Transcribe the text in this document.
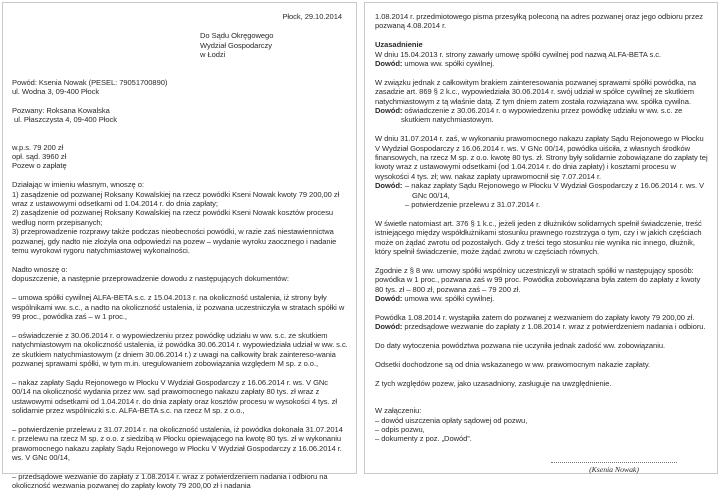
Płock, 29.10.2014
Do Sądu Okręgowego
Wydział Gospodarczy
w Łodzi
Powód: Ksenia Nowak (PESEL: 79051700890)
ul. Wodna 3, 09-400 Płock
Pozwany: Roksana Kowalska
ul. Płaszczysta 4, 09-400 Płock
w.p.s. 79 200 zł
opł. sąd. 3960 zł
Pozew o zapłatę
Działając w imieniu własnym, wnoszę o:
1) zasądzenie od pozwanej Roksany Kowalskiej na rzecz powódki Kseni Nowak kwoty 79 200,00 zł wraz z ustawowymi odsetkami od 1.04.2014 r. do dnia zapłaty;
2) zasądzenie od pozwanej Roksany Kowalskiej na rzecz powódki Kseni Nowak kosztów procesu według norm przepisanych;
3) przeprowadzenie rozprawy także podczas nieobecności powódki, w razie zaś niestawiennictwa pozwanej, gdy nadto nie złożyła ona odpowiedzi na pozew – wydanie wyroku zaocznego i nadanie temu wyrokowi rygoru natychmiastowej wykonalności.
Nadto wnoszę o:
dopuszczenie, a następnie przeprowadzenie dowodu z następujących dokumentów:
– umowa spółki cywilnej ALFA-BETA s.c. z 15.04.2013 r. na okoliczność ustalenia, iż strony były wspólnikami ww. s.c., a nadto na okoliczność ustalenia, iż pozwana uczestniczyła w stratach spółki w 99 proc., powódka zaś – w 1 proc.,
– oświadczenie z 30.06.2014 r. o wypowiedzeniu przez powódkę udziału w ww. s.c. ze skutkiem natychmiastowym na okoliczność ustalenia, iż powódka 30.06.2014 r. wypowiedziała udział w ww. s.c. ze skutkiem natychmiastowym (z dniem 30.06.2014 r.) z uwagi na całkowity brak zaintereso-wania pozwanej sprawami spółki, w tym m.in. uregulowaniem zobowiązania względem M sp. z o.o.,
– nakaz zapłaty Sądu Rejonowego w Płocku V Wydział Gospodarczy z 16.06.2014 r. ws. V GNc 00/14 na okoliczność wydania przez ww. sąd prawomocnego nakazu zapłaty 80 tys. zł wraz z ustawowymi odsetkami od 1.04.2014 r. do dnia zapłaty oraz kosztów procesu w wysokości 4 tys. zł solidarnie przez wspólniczki s.c. ALFA-BETA s.c. na rzecz M sp. z o.o.,
– potwierdzenie przelewu z 31.07.2014 r. na okoliczność ustalenia, iż powódka dokonała 31.07.2014 r. przelewu na rzecz M sp. z o.o. z siedzibą w Płocku opiewającego na kwotę 80 tys. zł w wykonaniu prawomocnego nakazu zapłaty Sądu Rejonowego w Płocku V Wydział Gospodarczy z 16.06.2014 r. ws. V GNc 00/14,
– przedsądowe wezwanie do zapłaty z 1.08.2014 r. wraz z potwierdzeniem nadania i odbioru na okoliczność wezwania pozwanej do zapłaty kwoty 79 200,00 zł i nadania
1.08.2014 r. przedmiotowego pisma przesyłką poleconą na adres pozwanej oraz jego odbioru przez pozwaną 4.08.2014 r.
Uzasadnienie
W dniu 15.04.2013 r. strony zawarły umowę spółki cywilnej pod nazwą ALFA-BETA s.c.
Dowód: umowa ww. spółki cywilnej.
W związku jednak z całkowitym brakiem zainteresowania pozwanej sprawami spółki powódka, na zasadzie art. 869 § 2 k.c., wypowiedziała 30.06.2014 r. swój udział w spółce cywilnej ze skutkiem natychmiastowym z tą właśnie datą. Z tym dniem zatem została rozwiązana ww. spółka cywilna.
Dowód: oświadczenie z 30.06.2014 r. o wypowiedzeniu przez powódkę udziału w ww. s.c. ze skutkiem natychmiastowym.
W dniu 31.07.2014 r. zaś, w wykonaniu prawomocnego nakazu zapłaty Sądu Rejonowego w Płocku V Wydział Gospodarczy z 16.06.2014 r. ws. V GNc 00/14, powódka uiściła, z własnych środków finansowych, na rzecz M sp. z o.o. kwotę 80 tys. zł. Strony były solidarnie zobowiązane do zapłaty tej kwoty wraz z ustawowymi odsetkami (od 1.04.2014 r. do dnia zapłaty) i kosztami procesu w wysokości 4 tys. zł; ww. nakaz zapłaty uprawomocnił się 7.07.2014 r.
Dowód: – nakaz zapłaty Sądu Rejonowego w Płocku V Wydział Gospodarczy z 16.06.2014 r. ws. V GNc 00/14,
– potwierdzenie przelewu z 31.07.2014 r.
W świetle natomiast art. 376 § 1 k.c., jeżeli jeden z dłużników solidarnych spełnił świadczenie, treść istniejącego między współdłużnikami stosunku prawnego rozstrzyga o tym, czy i w jakich częściach może on żądać zwrotu od pozostałych. Gdy z treści tego stosunku nie wynika nic innego, dłużnik, który spełnił świadczenie, może żądać zwrotu w częściach równych.
Zgodnie z § 8 ww. umowy spółki wspólnicy uczestniczyli w stratach spółki w następujący sposób: powódka w 1 proc., pozwana zaś w 99 proc. Powódka zobowiązana była zatem do zapłaty z kwoty 80 tys. zł – 800 zł, pozwana zaś – 79 200 zł.
Dowód: umowa ww. spółki cywilnej.
Powódka 1.08.2014 r. wystąpiła zatem do pozwanej z wezwaniem do zapłaty kwoty 79 200,00 zł.
Dowód: przedsądowe wezwanie do zapłaty z 1.08.2014 r. wraz z potwierdzeniem nadania i odbioru.
Do daty wytoczenia powództwa pozwana nie uczyniła jednak zadość ww. zobowiązaniu.
Odsetki dochodzone są od dnia wskazanego w ww. prawomocnym nakazie zapłaty.
Z tych względów pozew, jako uzasadniony, zasługuje na uwzględnienie.
W załączeniu:
– dowód uiszczenia opłaty sądowej od pozwu,
– odpis pozwu,
– dokumenty z poz. „Dowód”.
(Ksenia Nowak)
